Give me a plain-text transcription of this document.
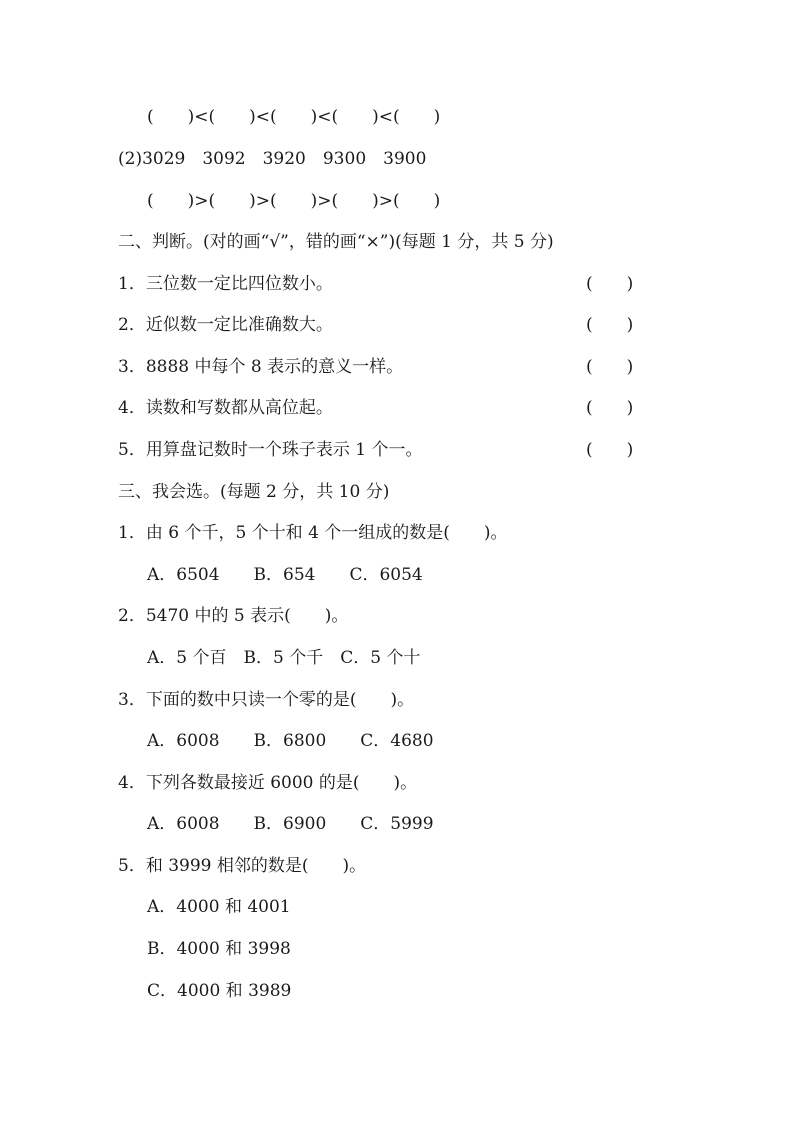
(　　)<(　　)<(　　)<(　　)<(　　)
(2)3029　3092　3920　9300　3900
(　　)>(　　)>(　　)>(　　)>(　　)
二、判断。(对的画“√”，错的画“×”)(每题 1 分，共 5 分)
1．三位数一定比四位数小。	(　　)
2．近似数一定比准确数大。	(　　)
3．8888 中每个 8 表示的意义一样。	(　　)
4．读数和写数都从高位起。	(　　)
5．用算盘记数时一个珠子表示 1 个一。	(　　)
三、我会选。(每题 2 分，共 10 分)
1．由 6 个千，5 个十和 4 个一组成的数是(　　)。
A．6504　　B．654　　C．6054
2．5470 中的 5 表示(　　)。
A．5 个百　B．5 个千　C．5 个十
3．下面的数中只读一个零的是(　　)。
A．6008　　B．6800　　C．4680
4．下列各数最接近 6000 的是(　　)。
A．6008　　B．6900　　C．5999
5．和 3999 相邻的数是(　　)。
A．4000 和 4001
B．4000 和 3998
C．4000 和 3989
